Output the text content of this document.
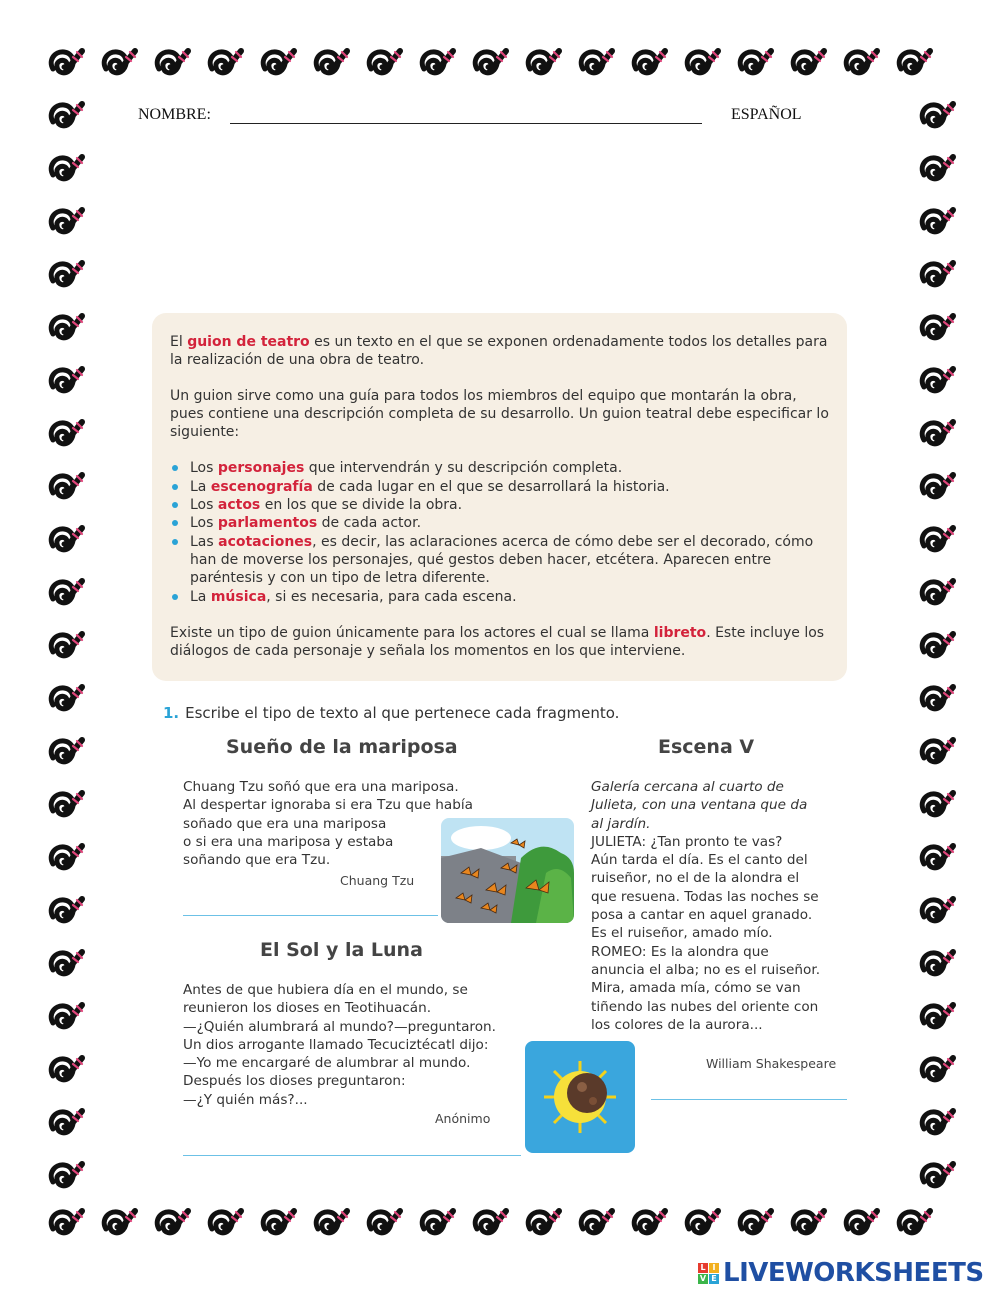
NOMBRE:	ESPAÑOL

El guion de teatro es un texto en el que se exponen ordenadamente todos los detalles para la realización de una obra de teatro.

Un guion sirve como una guía para todos los miembros del equipo que montarán la obra, pues contiene una descripción completa de su desarrollo. Un guion teatral debe especificar lo siguiente:

Los personajes que intervendrán y su descripción completa.
La escenografía de cada lugar en el que se desarrollará la historia.
Los actos en los que se divide la obra.
Los parlamentos de cada actor.
Las acotaciones, es decir, las aclaraciones acerca de cómo debe ser el decorado, cómo han de moverse los personajes, qué gestos deben hacer, etcétera. Aparecen entre paréntesis y con un tipo de letra diferente.
La música, si es necesaria, para cada escena.

Existe un tipo de guion únicamente para los actores el cual se llama libreto. Este incluye los diálogos de cada personaje y señala los momentos en los que interviene.

1. Escribe el tipo de texto al que pertenece cada fragmento.
Sueño de la mariposa

Chuang Tzu soñó que era una mariposa.

Al despertar ignoraba si era Tzu que había

soñado que era una mariposa

o si era una mariposa y estaba

soñando que era Tzu.

Chuang Tzu
El Sol y la Luna

Antes de que hubiera día en el mundo, se

reunieron los dioses en Teotihuacán.

—¿Quién alumbrará al mundo?—preguntaron.

Un dios arrogante llamado Tecuciztécatl dijo:

—Yo me encargaré de alumbrar al mundo.

Después los dioses preguntaron:

—¿Y quién más?...

Anónimo
Escena V

Galería cercana al cuarto de

Julieta, con una ventana que da

al jardín.

JULIETA: ¿Tan pronto te vas?

Aún tarda el día. Es el canto del

ruiseñor, no el de la alondra el

que resuena. Todas las noches se

posa a cantar en aquel granado.

Es el ruiseñor, amado mío.

ROMEO: Es la alondra que

anuncia el alba; no es el ruiseñor.

Mira, amada mía, cómo se van

tiñendo las nubes del oriente con

los colores de la aurora...

William Shakespeare
L I
V E LIVEWORKSHEETS
